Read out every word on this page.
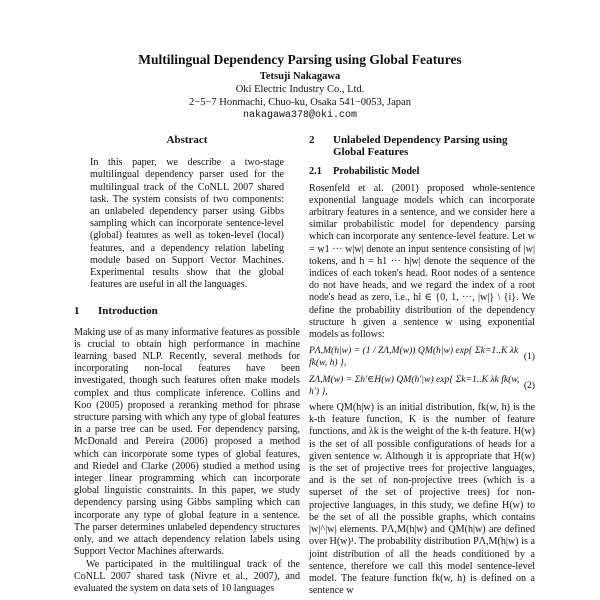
Multilingual Dependency Parsing using Global Features
Tetsuji Nakagawa
Oki Electric Industry Co., Ltd.
2−5−7 Honmachi, Chuo-ku, Osaka 541−0053, Japan
nakagawa378@oki.com
Abstract

In this paper, we describe a two-stage multilingual dependency parser used for the multilingual track of the CoNLL 2007 shared task. The system consists of two components: an unlabeled dependency parser using Gibbs sampling which can incorporate sentence-level (global) features as well as token-level (local) features, and a dependency relation labeling module based on Support Vector Machines. Experimental results show that the global features are useful in all the languages.

1	Introduction

Making use of as many informative features as possible is crucial to obtain high performance in machine learning based NLP. Recently, several methods for incorporating non-local features have been investigated, though such features often make models complex and thus complicate inference. Collins and Koo (2005) proposed a reranking method for phrase structure parsing with which any type of global features in a parse tree can be used. For dependency parsing, McDonald and Pereira (2006) proposed a method which can incorporate some types of global features, and Riedel and Clarke (2006) studied a method using integer linear programming which can incorporate global linguistic constraints. In this paper, we study dependency parsing using Gibbs sampling which can incorporate any type of global feature in a sentence. The parser determines unlabeled dependency structures only, and we attach dependency relation labels using Support Vector Machines afterwards.

We participated in the multilingual track of the CoNLL 2007 shared task (Nivre et al., 2007), and evaluated the system on data sets of 10 languages

2	Unlabeled Dependency Parsing using Global Features
2.1	Probabilistic Model

Rosenfeld et al. (2001) proposed whole-sentence exponential language models which can incorporate arbitrary features in a sentence, and we consider here a similar probabilistic model for dependency parsing which can incorporate any sentence-level feature. Let w = w1 ··· w|w| denote an input sentence consisting of |w| tokens, and h = h1 ··· h|w| denote the sequence of the indices of each token's head. Root nodes of a sentence do not have heads, and we regard the index of a root node's head as zero, i.e., hi ∈ {0, 1, ···, |w|} \ {i}. We define the probability distribution of the dependency structure h given a sentence w using exponential models as follows:

PΛ,M(h|w) = (1 / ZΛ,M(w)) QM(h|w) exp{ Σk=1..K λk fk(w, h) },
(1)
ZΛ,M(w) = Σh′∈H(w) QM(h′|w) exp{ Σk=1..K λk fk(w, h′) },
(2)

where QM(h|w) is an initial distribution, fk(w, h) is the k-th feature function, K is the number of feature functions, and λk is the weight of the k-th feature. H(w) is the set of all possible configurations of heads for a given sentence w. Although it is appropriate that H(w) is the set of projective trees for projective languages, and is the set of non-projective trees (which is a superset of the set of projective trees) for non-projective languages, in this study, we define H(w) to be the set of all the possible graphs, which contains |w|^|w| elements. PΛ,M(h|w) and QM(h|w) are defined over H(w)¹. The probability distribution PΛ,M(h|w) is a joint distribution of all the heads conditioned by a sentence, therefore we call this model sentence-level model. The feature function fk(w, h) is defined on a sentence w
